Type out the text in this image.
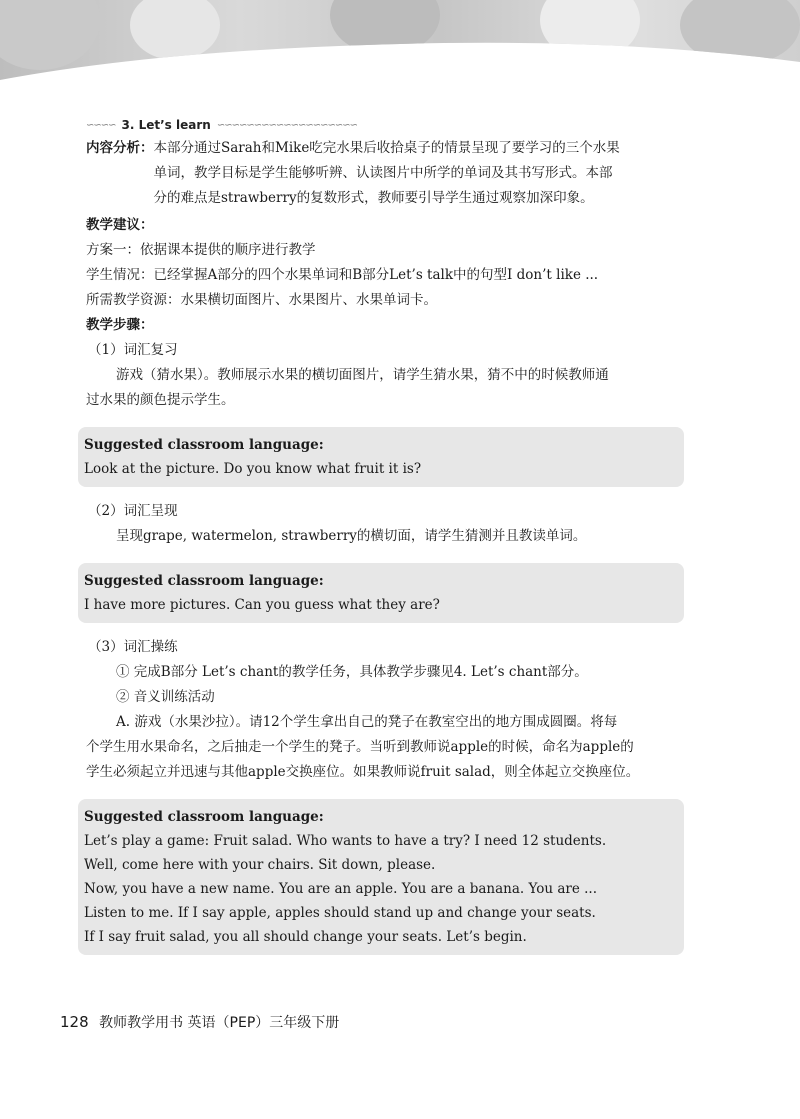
∽∽∽∽ 3. Let’s learn ∽∽∽∽∽∽∽∽∽∽∽∽∽∽∽∽∽∽∽
内容分析： 本部分通过Sarah和Mike吃完水果后收拾桌子的情景呈现了要学习的三个水果

单词，教学目标是学生能够听辨、认读图片中所学的单词及其书写形式。本部

分的难点是strawberry的复数形式，教师要引导学生通过观察加深印象。

教学建议：

方案一：依据课本提供的顺序进行教学

学生情况：已经掌握A部分的四个水果单词和B部分Let’s talk中的句型I don’t like ...

所需教学资源：水果横切面图片、水果图片、水果单词卡。

教学步骤：

（1）词汇复习

游戏（猜水果）。教师展示水果的横切面图片，请学生猜水果，猜不中的时候教师通

过水果的颜色提示学生。

Suggested classroom language:
Look at the picture. Do you know what fruit it is?

（2）词汇呈现

呈现grape, watermelon, strawberry的横切面，请学生猜测并且教读单词。

Suggested classroom language:
I have more pictures. Can you guess what they are?

（3）词汇操练

① 完成B部分 Let’s chant的教学任务，具体教学步骤见4. Let’s chant部分。

② 音义训练活动

A. 游戏（水果沙拉）。请12个学生拿出自己的凳子在教室空出的地方围成圆圈。将每

个学生用水果命名，之后抽走一个学生的凳子。当听到教师说apple的时候，命名为apple的

学生必须起立并迅速与其他apple交换座位。如果教师说fruit salad，则全体起立交换座位。

Suggested classroom language:
Let’s play a game: Fruit salad. Who wants to have a try? I need 12 students.
Well, come here with your chairs. Sit down, please.
Now, you have a new name. You are an apple. You are a banana. You are ...
Listen to me. If I say apple, apples should stand up and change your seats.
If I say fruit salad, you all should change your seats. Let’s begin.
128 教师教学用书 英语（PEP）三年级下册
